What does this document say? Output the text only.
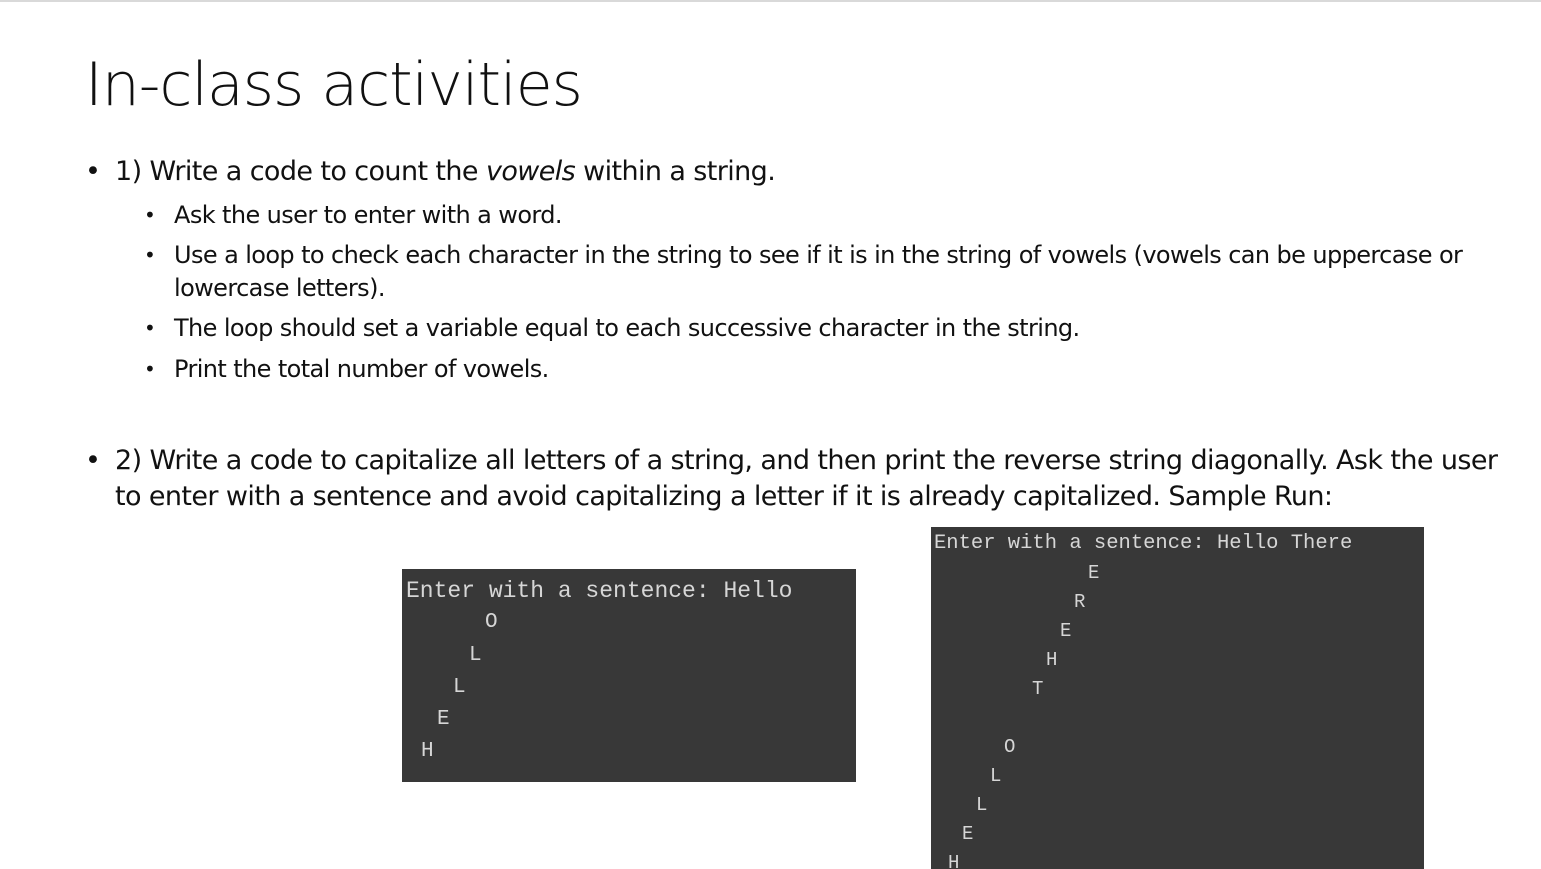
In-class activities
• 1) Write a code to count the vowels within a string.
• Ask the user to enter with a word.
• Use a loop to check each character in the string to see if it is in the string of vowels (vowels can be uppercase or lowercase letters).
• The loop should set a variable equal to each successive character in the string.
• Print the total number of vowels.
• 2) Write a code to capitalize all letters of a string, and then print the reverse string diagonally. Ask the user to enter with a sentence and avoid capitalizing a letter if it is already capitalized. Sample Run:
Enter with a sentence: Hello
O
L
L
E
H
Enter with a sentence: Hello There
E
R
E
H
T
O
L
L
E
H
